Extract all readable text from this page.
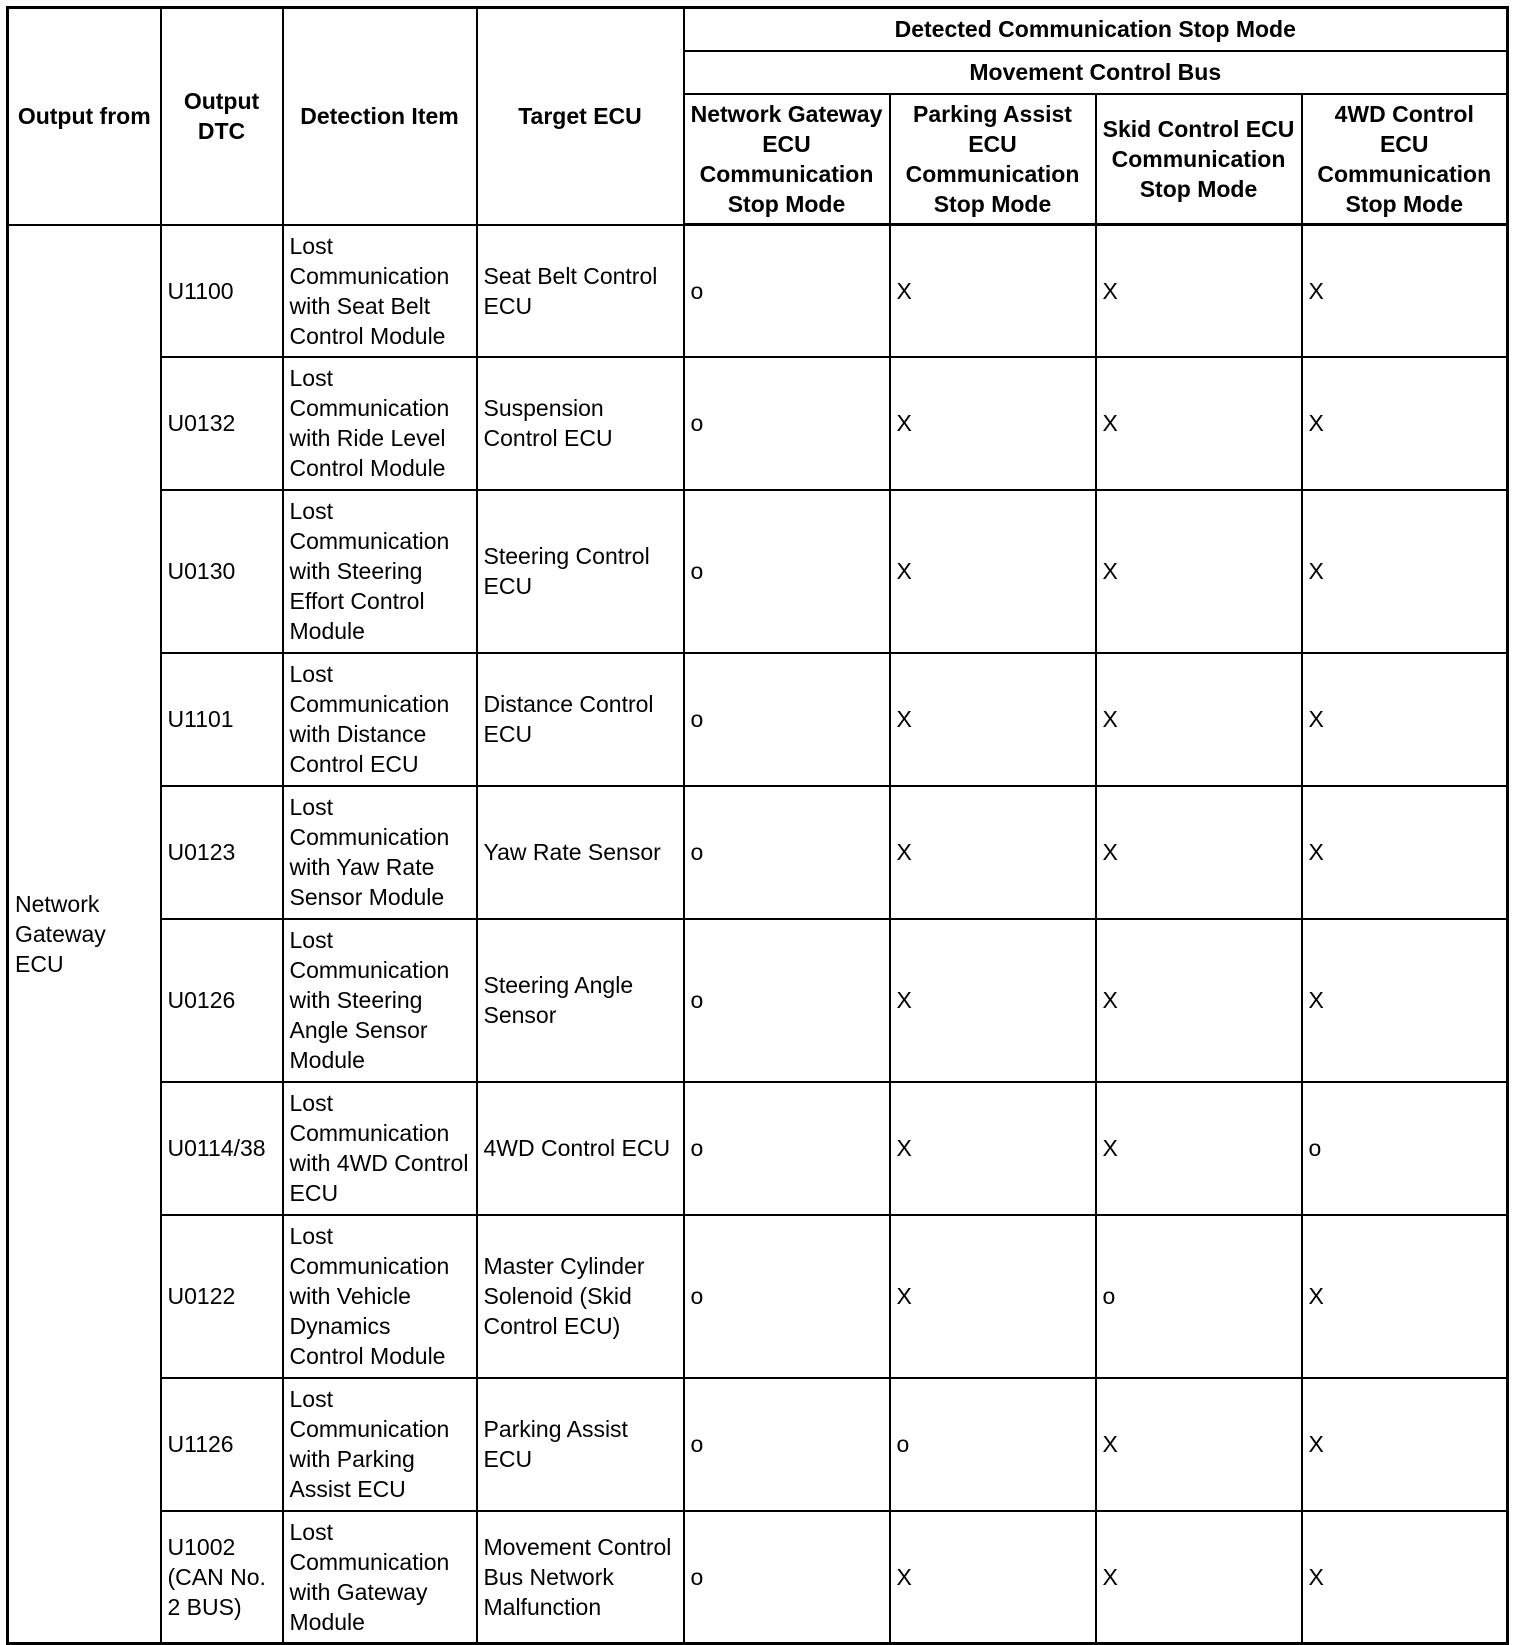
Output from	Output DTC	Detection Item	Target ECU	Detected Communication Stop Mode			
				Movement Control Bus			
				Network Gateway ECU Communication Stop Mode	Parking Assist ECU Communication Stop Mode	Skid Control ECU Communication Stop Mode	4WD Control ECU Communication Stop Mode
Network Gateway ECU	U1100	Lost Communication with Seat Belt Control Module	Seat Belt Control ECU	o	X	X	X
	U0132	Lost Communication with Ride Level Control Module	Suspension Control ECU	o	X	X	X
	U0130	Lost Communication with Steering Effort Control Module	Steering Control ECU	o	X	X	X
	U1101	Lost Communication with Distance Control ECU	Distance Control ECU	o	X	X	X
	U0123	Lost Communication with Yaw Rate Sensor Module	Yaw Rate Sensor	o	X	X	X
	U0126	Lost Communication with Steering Angle Sensor Module	Steering Angle Sensor	o	X	X	X
	U0114/38	Lost Communication with 4WD Control ECU	4WD Control ECU	o	X	X	o
	U0122	Lost Communication with Vehicle Dynamics Control Module	Master Cylinder Solenoid (Skid Control ECU)	o	X	o	X
	U1126	Lost Communication with Parking Assist ECU	Parking Assist ECU	o	o	X	X
	U1002 (CAN No. 2 BUS)	Lost Communication with Gateway Module	Movement Control Bus Network Malfunction	o	X	X	X
